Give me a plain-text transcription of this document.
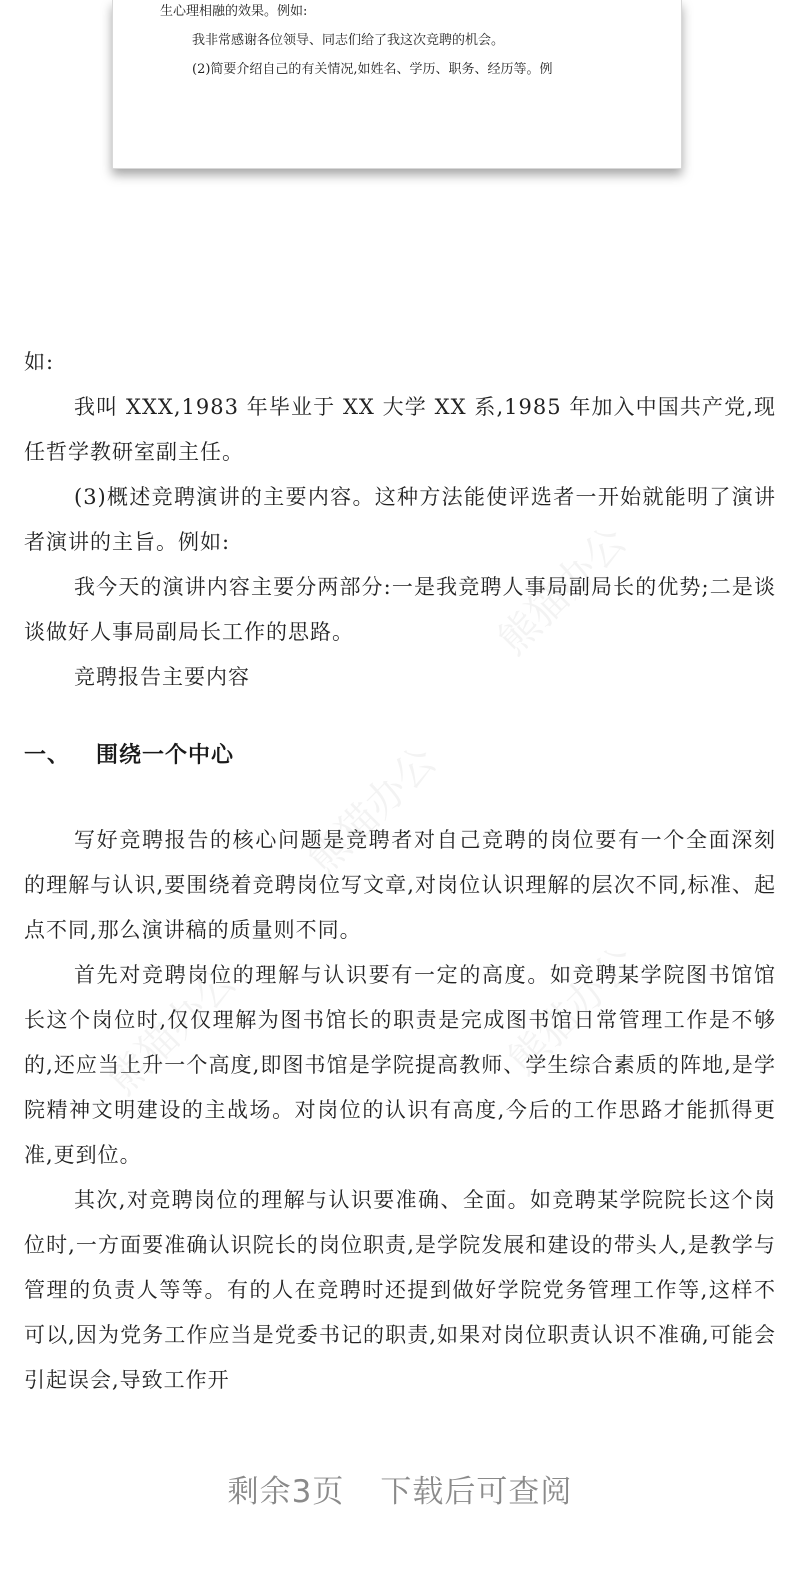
生心理相融的效果。例如:
我非常感谢各位领导、同志们给了我这次竞聘的机会。
(2)简要介绍自己的有关情况,如姓名、学历、职务、经历等。例
熊猫办公
熊猫办公
熊猫办公
熊猫办公

如:

我叫 XXX,1983 年毕业于 XX 大学 XX 系,1985 年加入中国共产党,现任哲学教研室副主任。

(3)概述竞聘演讲的主要内容。这种方法能使评选者一开始就能明了演讲者演讲的主旨。例如:

我今天的演讲内容主要分两部分:一是我竞聘人事局副局长的优势;二是谈谈做好人事局副局长工作的思路。

竞聘报告主要内容

一、 围绕一个中心

写好竞聘报告的核心问题是竞聘者对自己竞聘的岗位要有一个全面深刻的理解与认识,要围绕着竞聘岗位写文章,对岗位认识理解的层次不同,标准、起点不同,那么演讲稿的质量则不同。

首先对竞聘岗位的理解与认识要有一定的高度。如竞聘某学院图书馆馆长这个岗位时,仅仅理解为图书馆长的职责是完成图书馆日常管理工作是不够的,还应当上升一个高度,即图书馆是学院提高教师、学生综合素质的阵地,是学院精神文明建设的主战场。对岗位的认识有高度,今后的工作思路才能抓得更准,更到位。

其次,对竞聘岗位的理解与认识要准确、全面。如竞聘某学院院长这个岗位时,一方面要准确认识院长的岗位职责,是学院发展和建设的带头人,是教学与管理的负责人等等。有的人在竞聘时还提到做好学院党务管理工作等,这样不可以,因为党务工作应当是党委书记的职责,如果对岗位职责认识不准确,可能会引起误会,导致工作开

剩余3页 下载后可查阅
